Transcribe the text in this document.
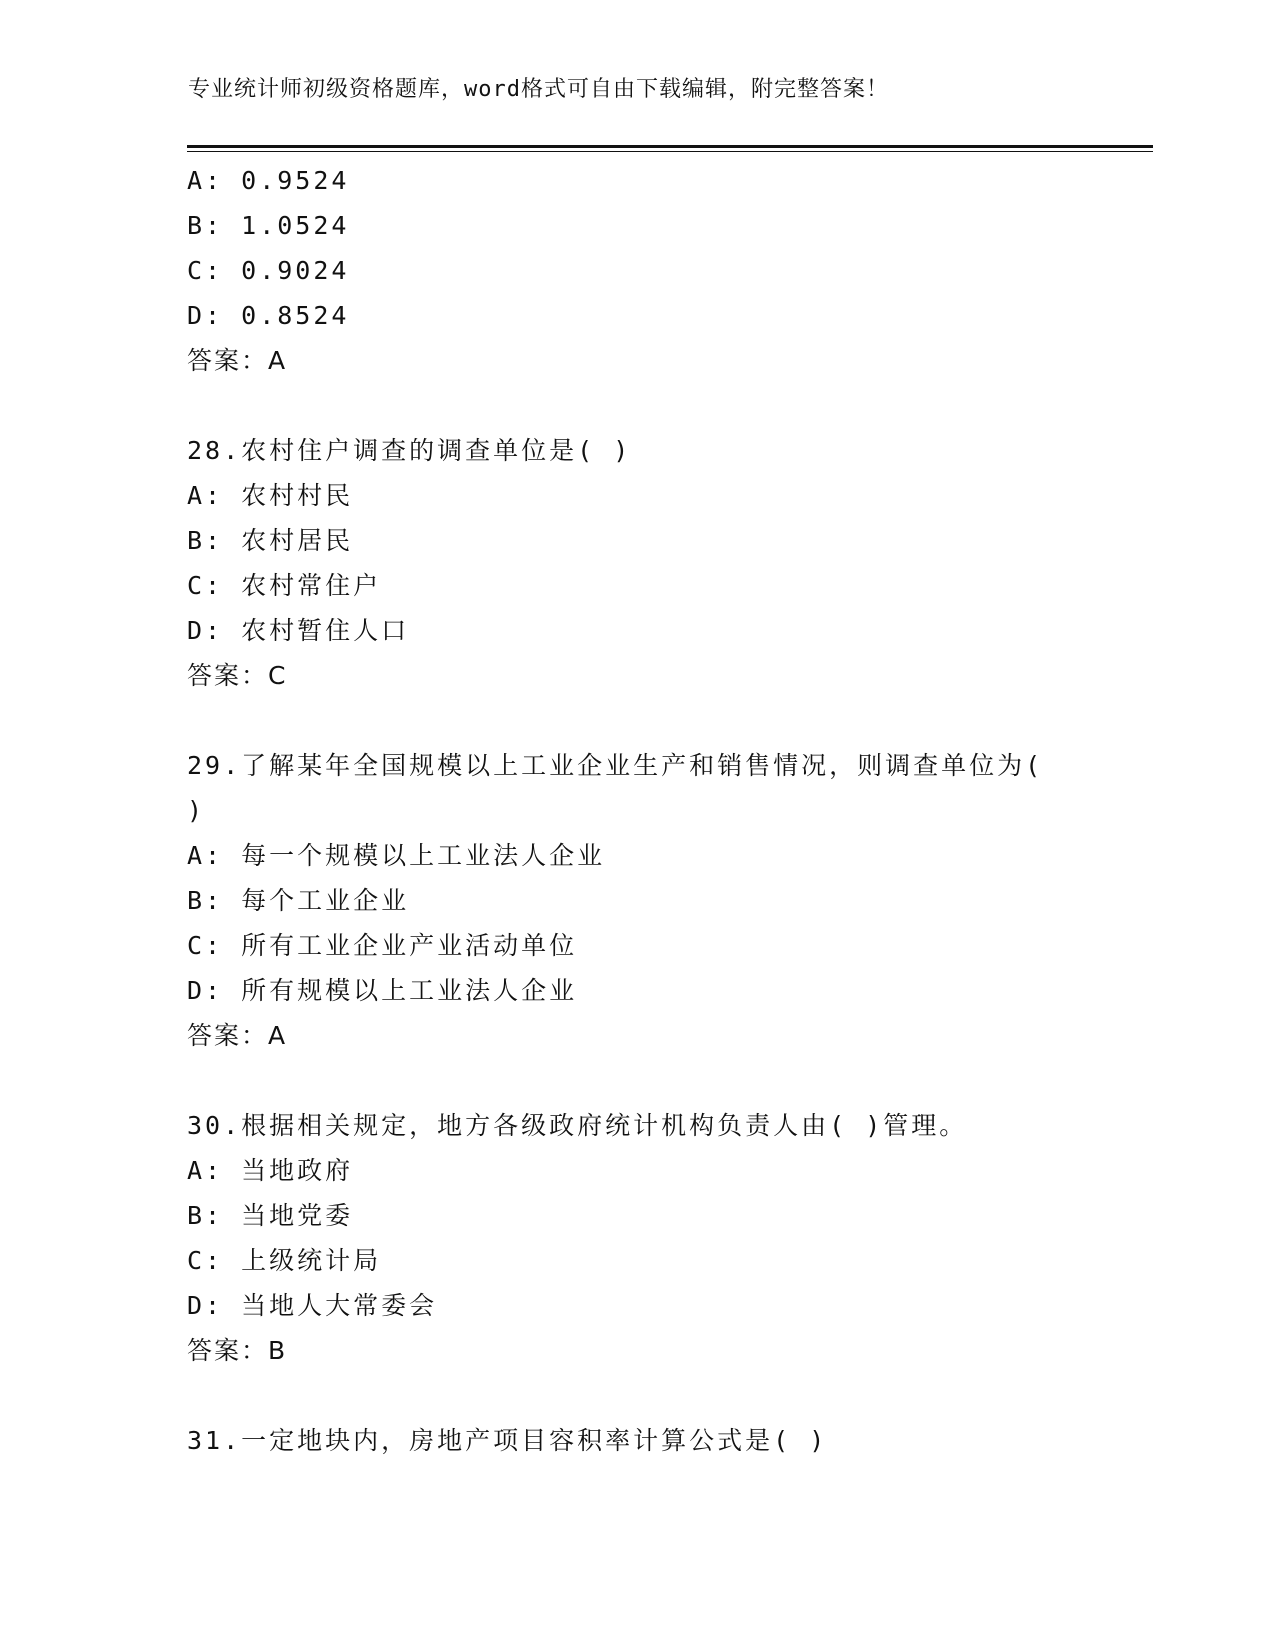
专业统计师初级资格题库，word格式可自由下载编辑，附完整答案！
A: 0.9524
B: 1.0524
C: 0.9024
D: 0.8524
答案：A
28.农村住户调查的调查单位是( )
A: 农村村民
B: 农村居民
C: 农村常住户
D: 农村暂住人口
答案：C
29.了解某年全国规模以上工业企业生产和销售情况，则调查单位为(
)
A: 每一个规模以上工业法人企业
B: 每个工业企业
C: 所有工业企业产业活动单位
D: 所有规模以上工业法人企业
答案：A
30.根据相关规定，地方各级政府统计机构负责人由( )管理。
A: 当地政府
B: 当地党委
C: 上级统计局
D: 当地人大常委会
答案：B
31.一定地块内，房地产项目容积率计算公式是( )
